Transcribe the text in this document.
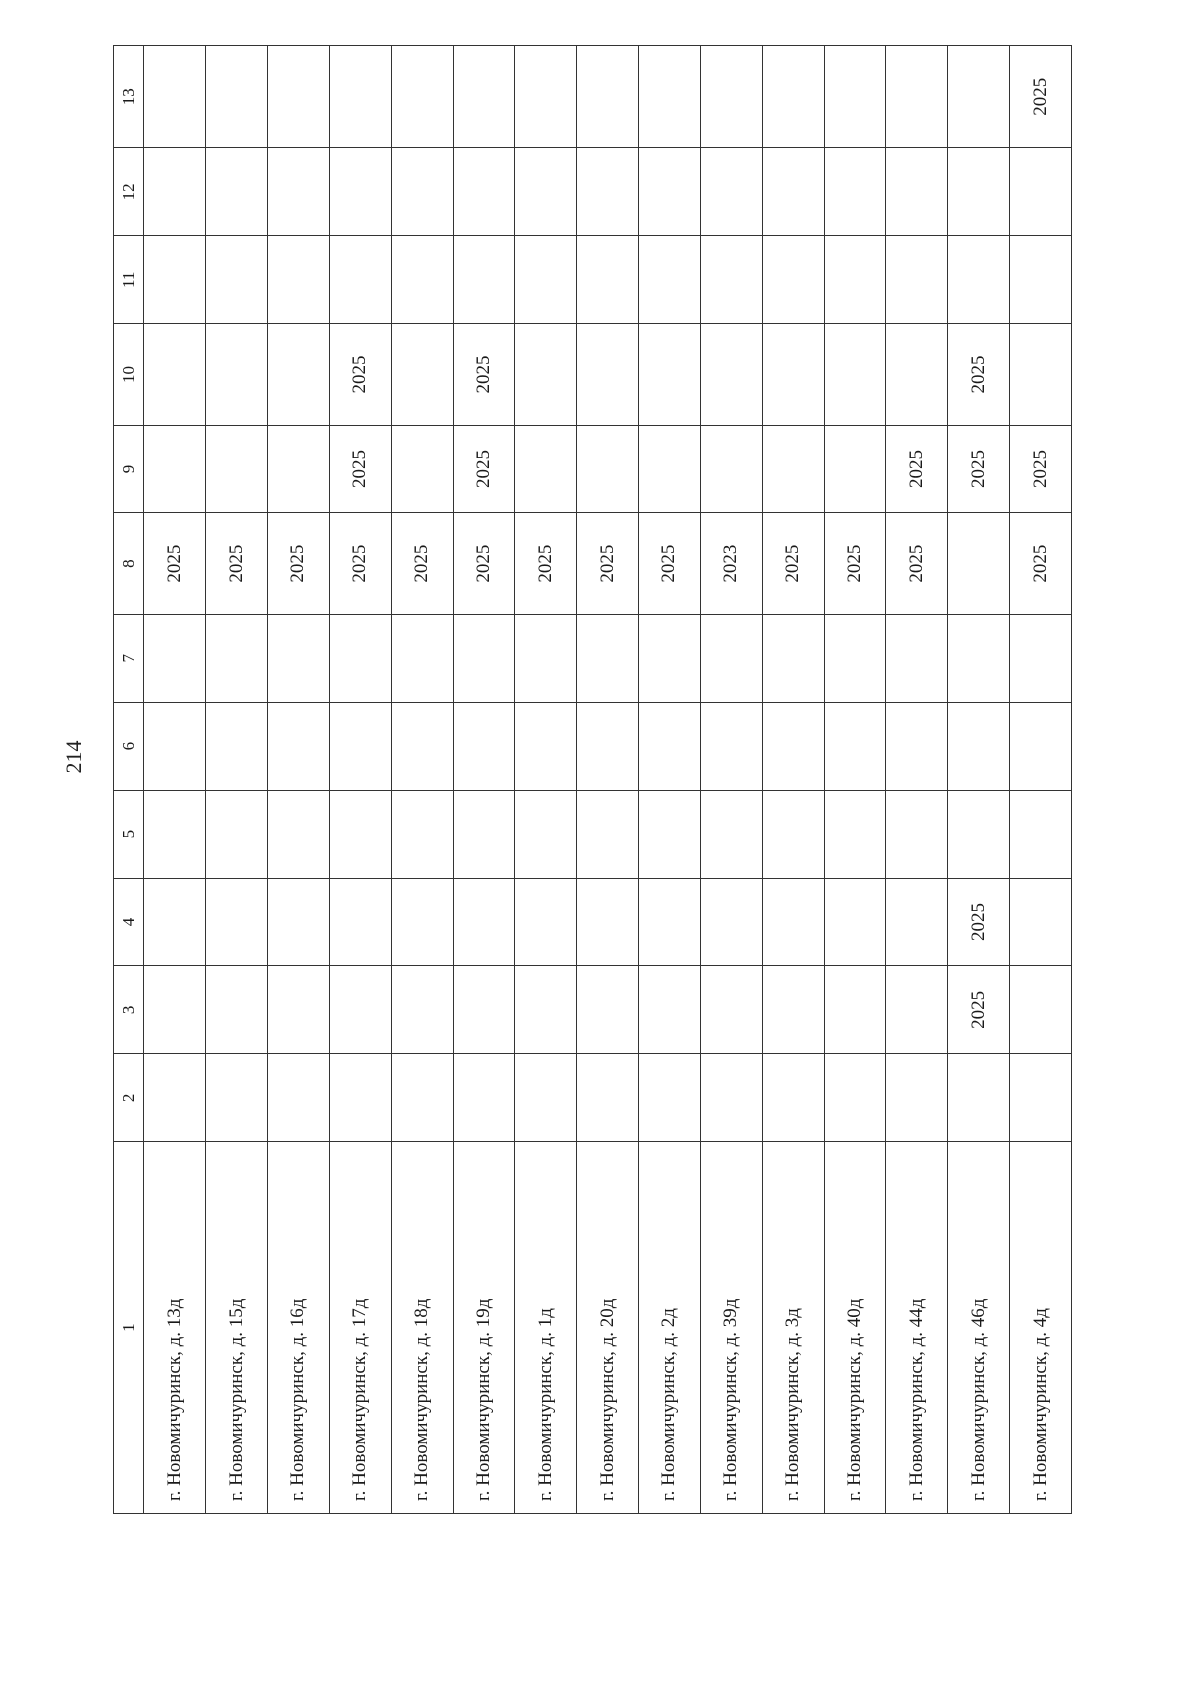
214
1	2	3	4	5	6	7	8	9	10	11	12	13
г. Новомичуринск, д. 13д							2025					
г. Новомичуринск, д. 15д							2025					
г. Новомичуринск, д. 16д							2025					
г. Новомичуринск, д. 17д							2025	2025	2025			
г. Новомичуринск, д. 18д							2025					
г. Новомичуринск, д. 19д							2025	2025	2025			
г. Новомичуринск, д. 1д							2025					
г. Новомичуринск, д. 20д							2025					
г. Новомичуринск, д. 2д							2025					
г. Новомичуринск, д. 39д							2023					
г. Новомичуринск, д. 3д							2025					
г. Новомичуринск, д. 40д							2025					
г. Новомичуринск, д. 44д							2025	2025				
г. Новомичуринск, д. 46д		2025	2025					2025	2025			
г. Новомичуринск, д. 4д							2025	2025				2025
